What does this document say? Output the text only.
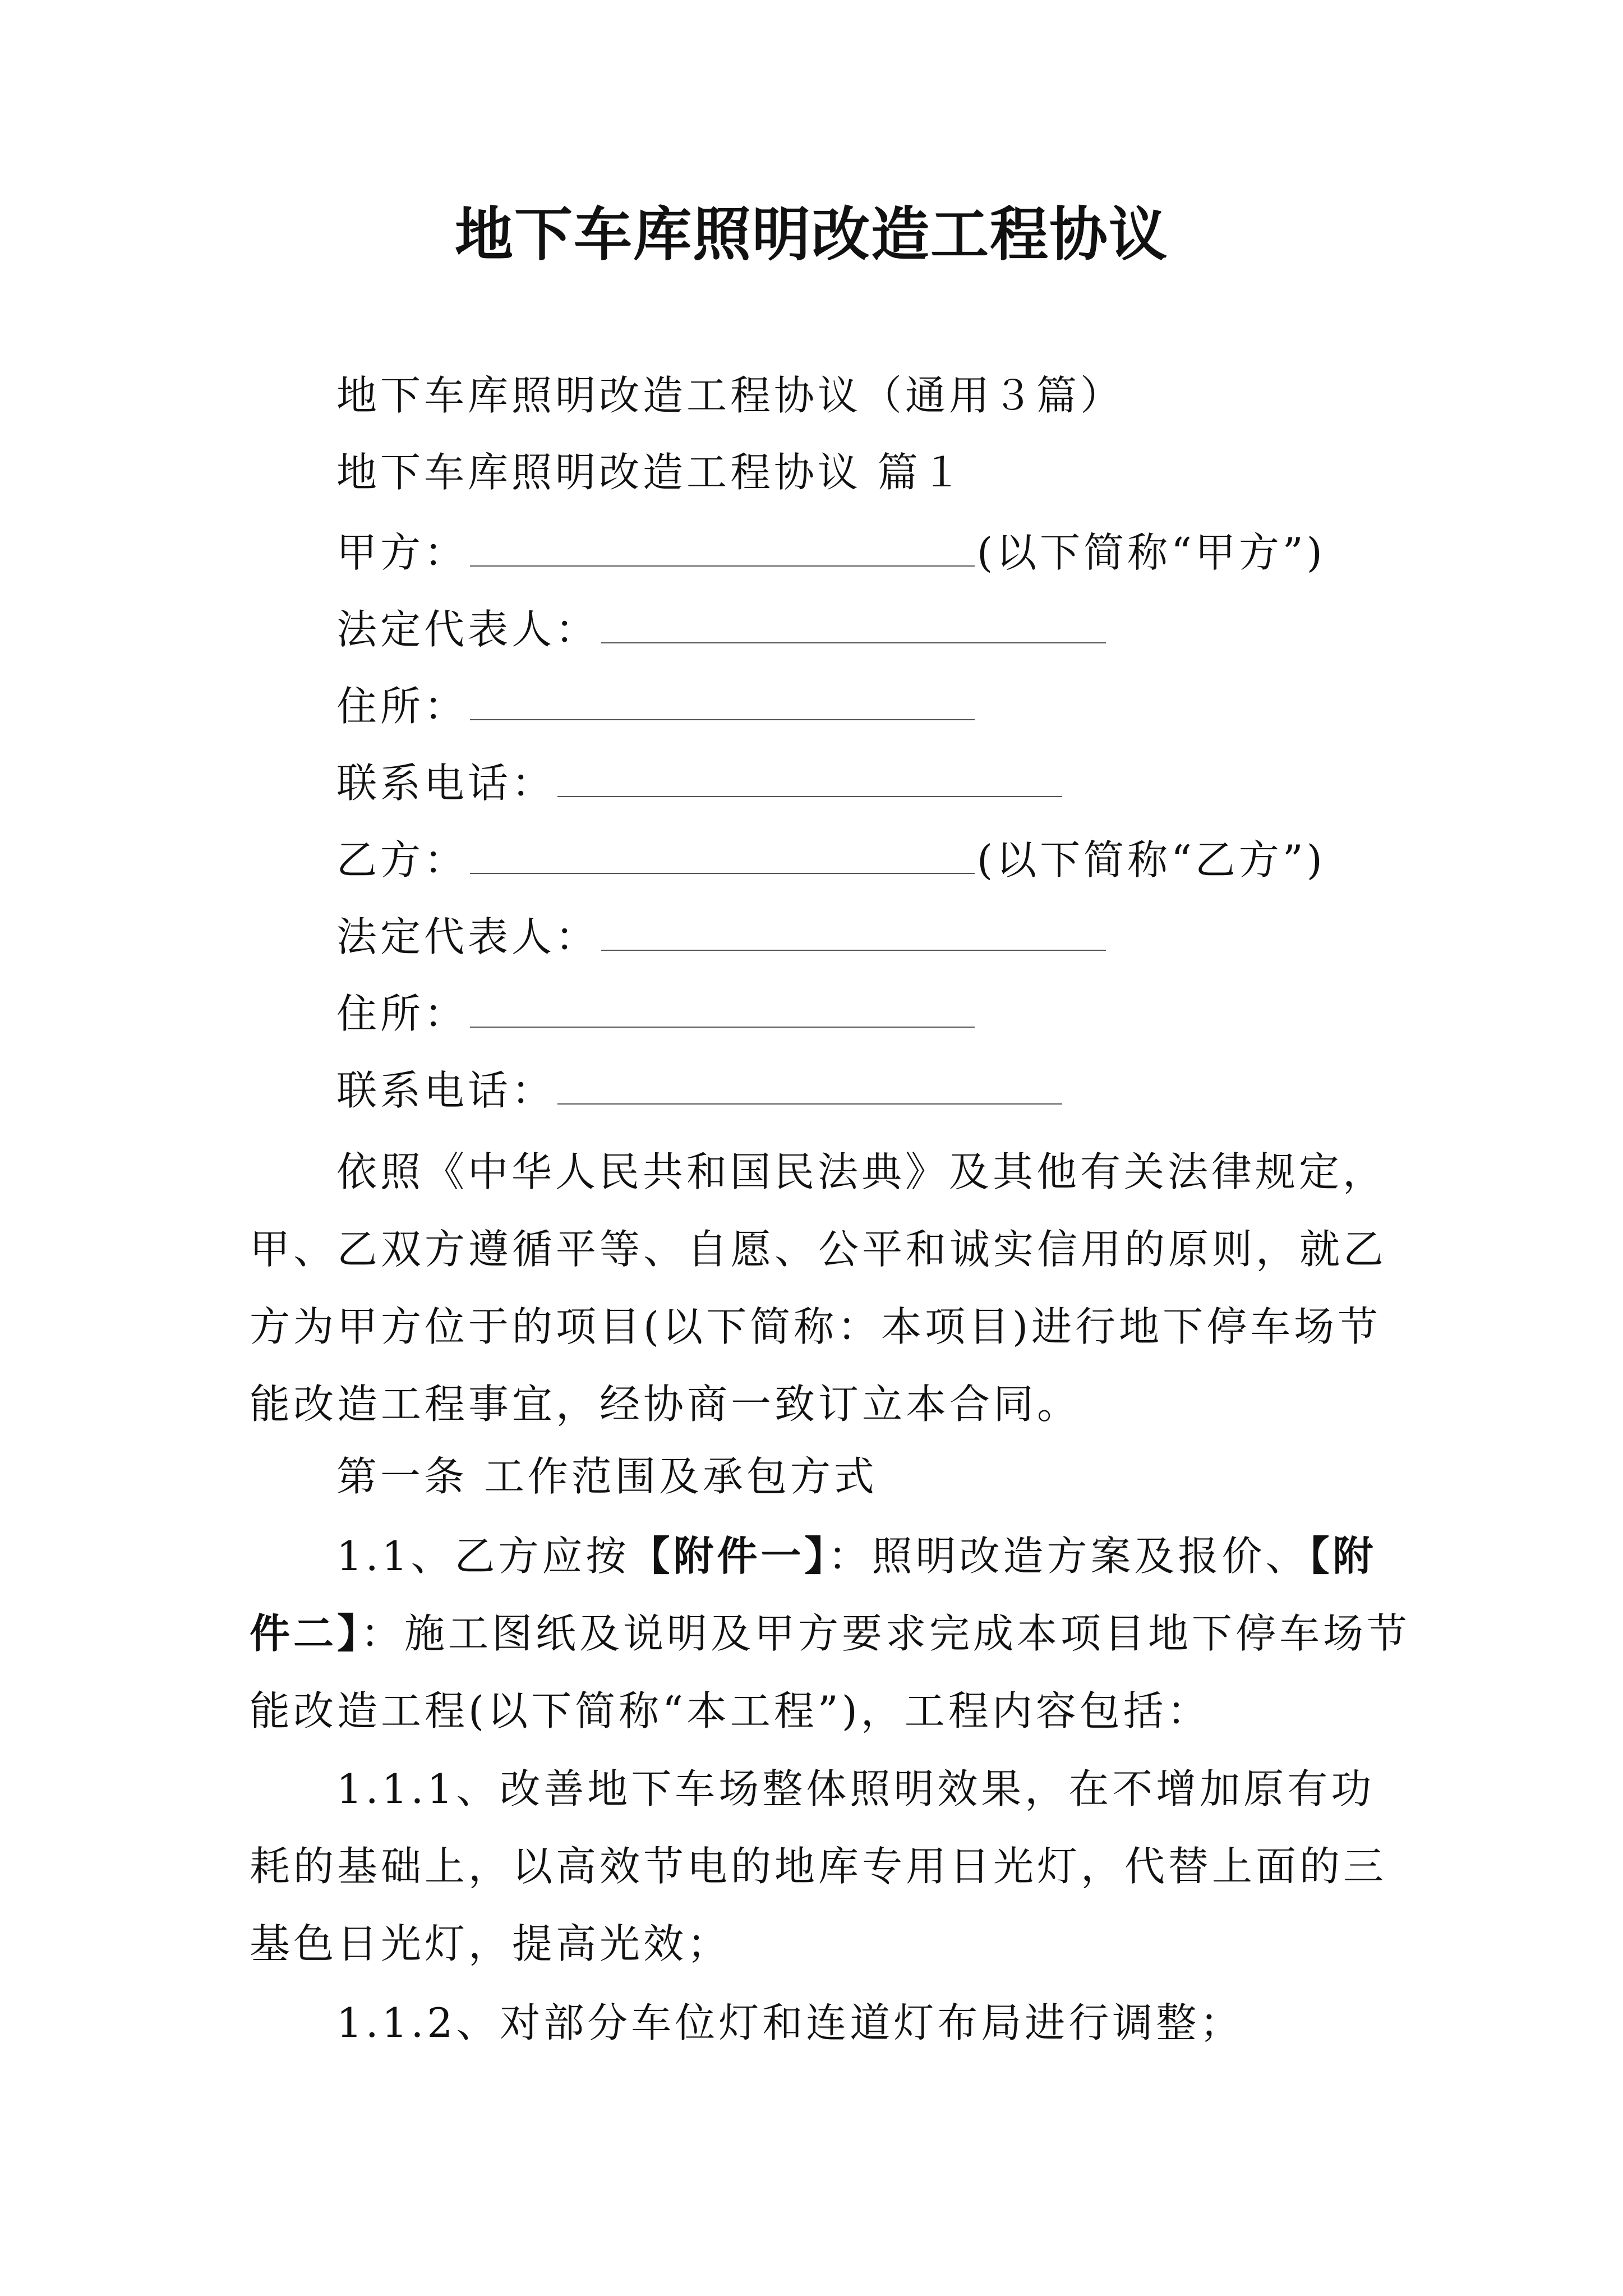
地下车库照明改造工程协议
地下车库照明改造工程协议（通用３篇）
地下车库照明改造工程协议 篇１
甲方：	(以下简称“甲方”)
法定代表人：
住所：
联系电话：
乙方：	(以下简称“乙方”)
法定代表人：
住所：
联系电话：

依照《中华人民共和国民法典》及其他有关法律规定，甲、乙双方遵循平等、自愿、公平和诚实信用的原则，就乙方为甲方位于的项目(以下简称：本项目)进行地下停车场节能改造工程事宜，经协商一致订立本合同。

第一条 工作范围及承包方式

1.1、乙方应按【附件一】：照明改造方案及报价、【附件二】：施工图纸及说明及甲方要求完成本项目地下停车场节能改造工程(以下简称“本工程”)，工程内容包括：

1.1.1、改善地下车场整体照明效果，在不增加原有功耗的基础上，以高效节电的地库专用日光灯，代替上面的三基色日光灯，提高光效；

1.1.2、对部分车位灯和连道灯布局进行调整；
